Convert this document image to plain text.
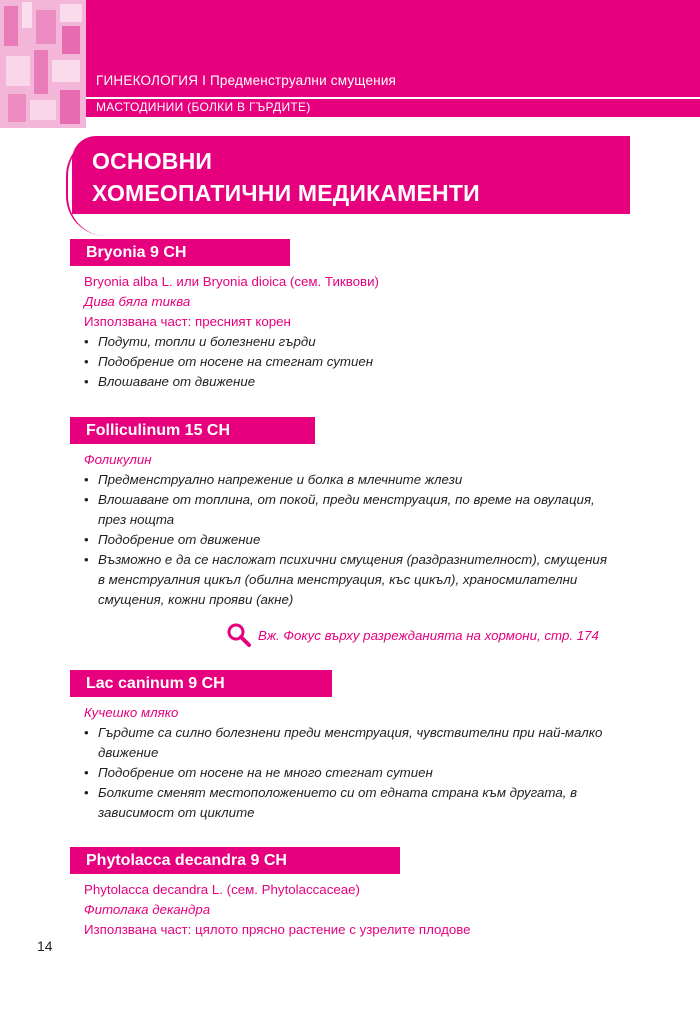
ГИНЕКОЛОГИЯ I Предменструални смущения
МАСТОДИНИИ (БОЛКИ В ГЪРДИТЕ)
ОСНОВНИ
ХОМЕОПАТИЧНИ МЕДИКАМЕНТИ
Bryonia 9 CH
Bryonia alba L. или Bryonia dioica (сем. Тиквови)
Дива бяла тиква
Използвана част: пресният корен
• Подути, топли и болезнени гърди
• Подобрение от носене на стегнат сутиен
• Влошаване от движение
Folliculinum 15 CH
Фоликулин
• Предменструално напрежение и болка в млечните жлези
• Влошаване от топлина, от покой, преди менструация, по време на овулация,
през нощта
• Подобрение от движение
• Възможно е да се насложат психични смущения (раздразнителност), смущения
в менструалния цикъл (обилна менструация, къс цикъл), храносмилателни
смущения, кожни прояви (акне)
Вж. Фокус върху разрежданията на хормони, стр. 174
Lac caninum 9 CH
Кучешко мляко
• Гърдите са силно болезнени преди менструация, чувствителни при най-малко
движение
• Подобрение от носене на не много стегнат сутиен
• Болките сменят местоположението си от едната страна към другата, в
зависимост от циклите
Phytolacca decandra 9 CH
Phytolacca decandra L. (сем. Phytolaccaceae)
Фитолака декандра
Използвана част: цялото прясно растение с узрелите плодове
14
